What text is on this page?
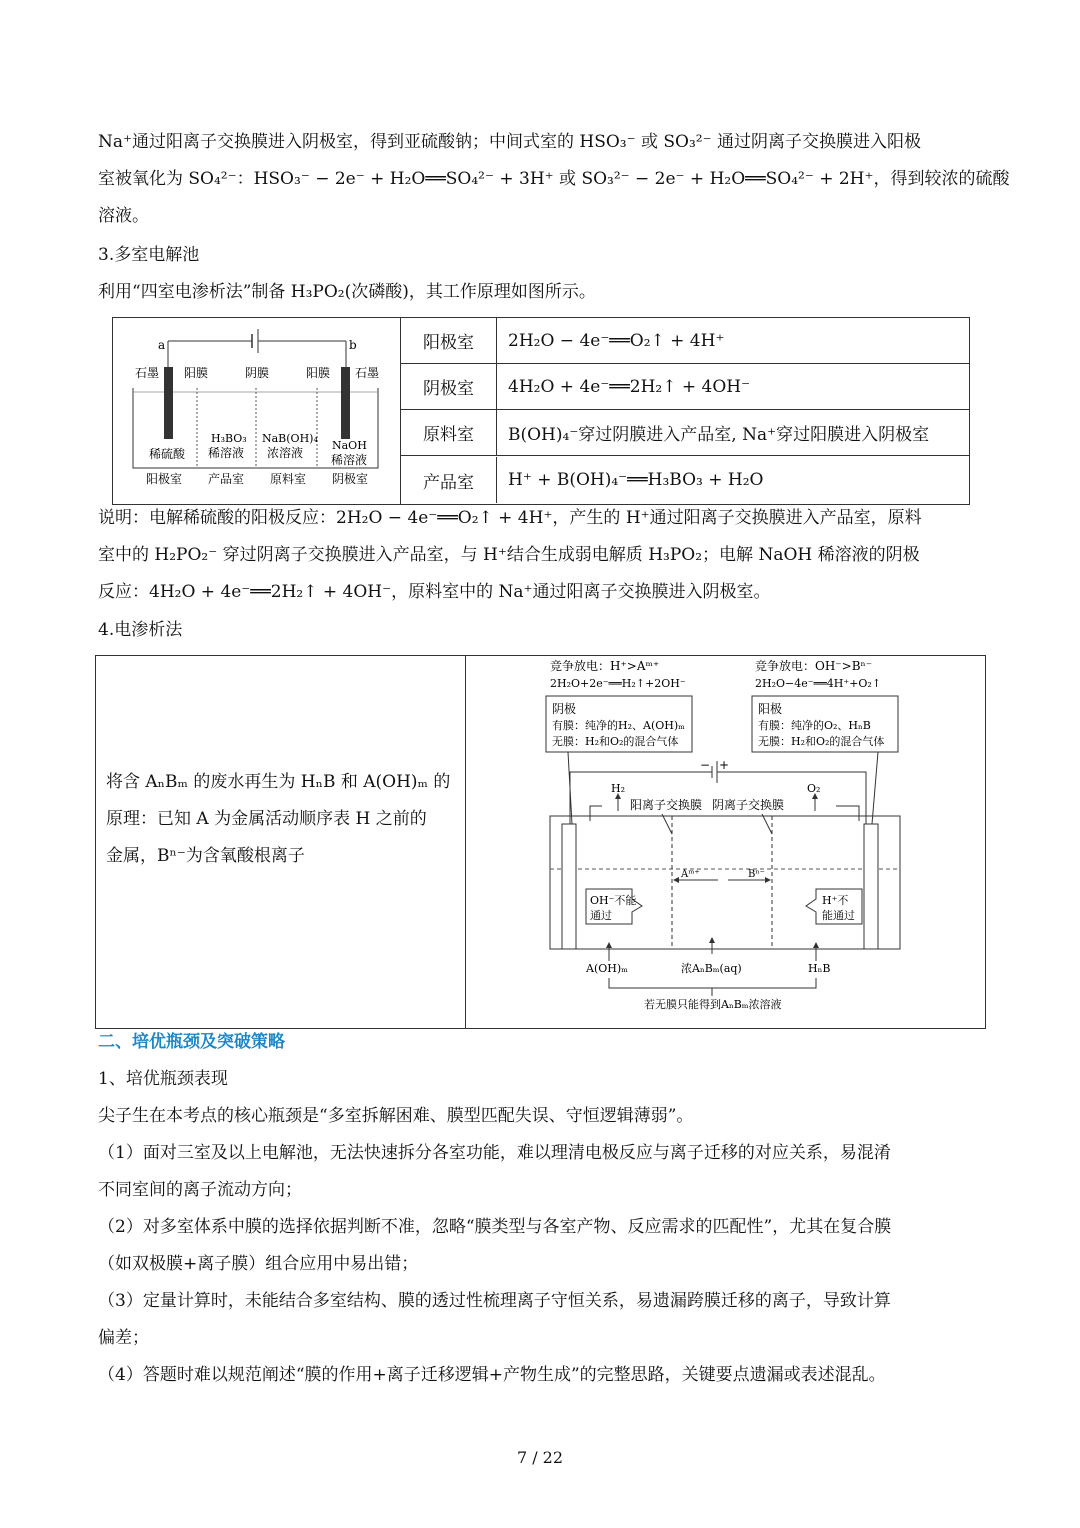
Na⁺通过阳离子交换膜进入阴极室，得到亚硫酸钠；中间式室的 HSO₃⁻ 或 SO₃²⁻ 通过阴离子交换膜进入阳极
室被氧化为 SO₄²⁻：HSO₃⁻ − 2e⁻ + H₂O══SO₄²⁻ + 3H⁺ 或 SO₃²⁻ − 2e⁻ + H₂O══SO₄²⁻ + 2H⁺，得到较浓的硫酸
溶液。
3.多室电解池
利用“四室电渗析法”制备 H₃PO₂(次磷酸)，其工作原理如图所示。
a	b
石墨 阳膜	阴膜	阳膜 石墨
稀硫酸
H₃BO₃
稀溶液
NaB(OH)₄
浓溶液
NaOH
稀溶液
阳极室 产品室 原料室 阴极室
阳极室	2H₂O − 4e⁻══O₂↑ + 4H⁺
阴极室	4H₂O + 4e⁻══2H₂↑ + 4OH⁻
原料室	B(OH)₄⁻穿过阴膜进入产品室, Na⁺穿过阳膜进入阴极室
产品室	H⁺ + B(OH)₄⁻══H₃BO₃ + H₂O
说明：电解稀硫酸的阳极反应：2H₂O − 4e⁻══O₂↑ + 4H⁺，产生的 H⁺通过阳离子交换膜进入产品室，原料
室中的 H₂PO₂⁻ 穿过阴离子交换膜进入产品室，与 H⁺结合生成弱电解质 H₃PO₂；电解 NaOH 稀溶液的阴极
反应：4H₂O + 4e⁻══2H₂↑ + 4OH⁻，原料室中的 Na⁺通过阳离子交换膜进入阴极室。
4.电渗析法
将含 AₙBₘ 的废水再生为 HₙB 和 A(OH)ₘ 的
原理：已知 A 为金属活动顺序表 H 之前的
金属，Bⁿ⁻为含氧酸根离子
竞争放电：H⁺>Aᵐ⁺
2H₂O+2e⁻══H₂↑+2OH⁻
竞争放电：OH⁻>Bⁿ⁻
2H₂O−4e⁻══4H⁺+O₂↑
阴极
有膜：纯净的H₂、A(OH)ₘ
无膜：H₂和O₂的混合气体
阳极
有膜：纯净的O₂、HₙB
无膜：H₂和O₂的混合气体
− +
H₂	O₂
阳离子交换膜 阴离子交换膜
Aᵐ⁺	Bⁿ⁻
OH⁻不能
通过
H⁺不
能通过
A(OH)ₘ	浓AₙBₘ(aq)	HₙB
若无膜只能得到AₙBₘ浓溶液
二、培优瓶颈及突破策略
1、培优瓶颈表现
尖子生在本考点的核心瓶颈是“多室拆解困难、膜型匹配失误、守恒逻辑薄弱”。
（1）面对三室及以上电解池，无法快速拆分各室功能，难以理清电极反应与离子迁移的对应关系，易混淆
不同室间的离子流动方向；
（2）对多室体系中膜的选择依据判断不准，忽略“膜类型与各室产物、反应需求的匹配性”，尤其在复合膜
（如双极膜+离子膜）组合应用中易出错；
（3）定量计算时，未能结合多室结构、膜的透过性梳理离子守恒关系，易遗漏跨膜迁移的离子，导致计算
偏差；
（4）答题时难以规范阐述“膜的作用+离子迁移逻辑+产物生成”的完整思路，关键要点遗漏或表述混乱。
7 / 22
